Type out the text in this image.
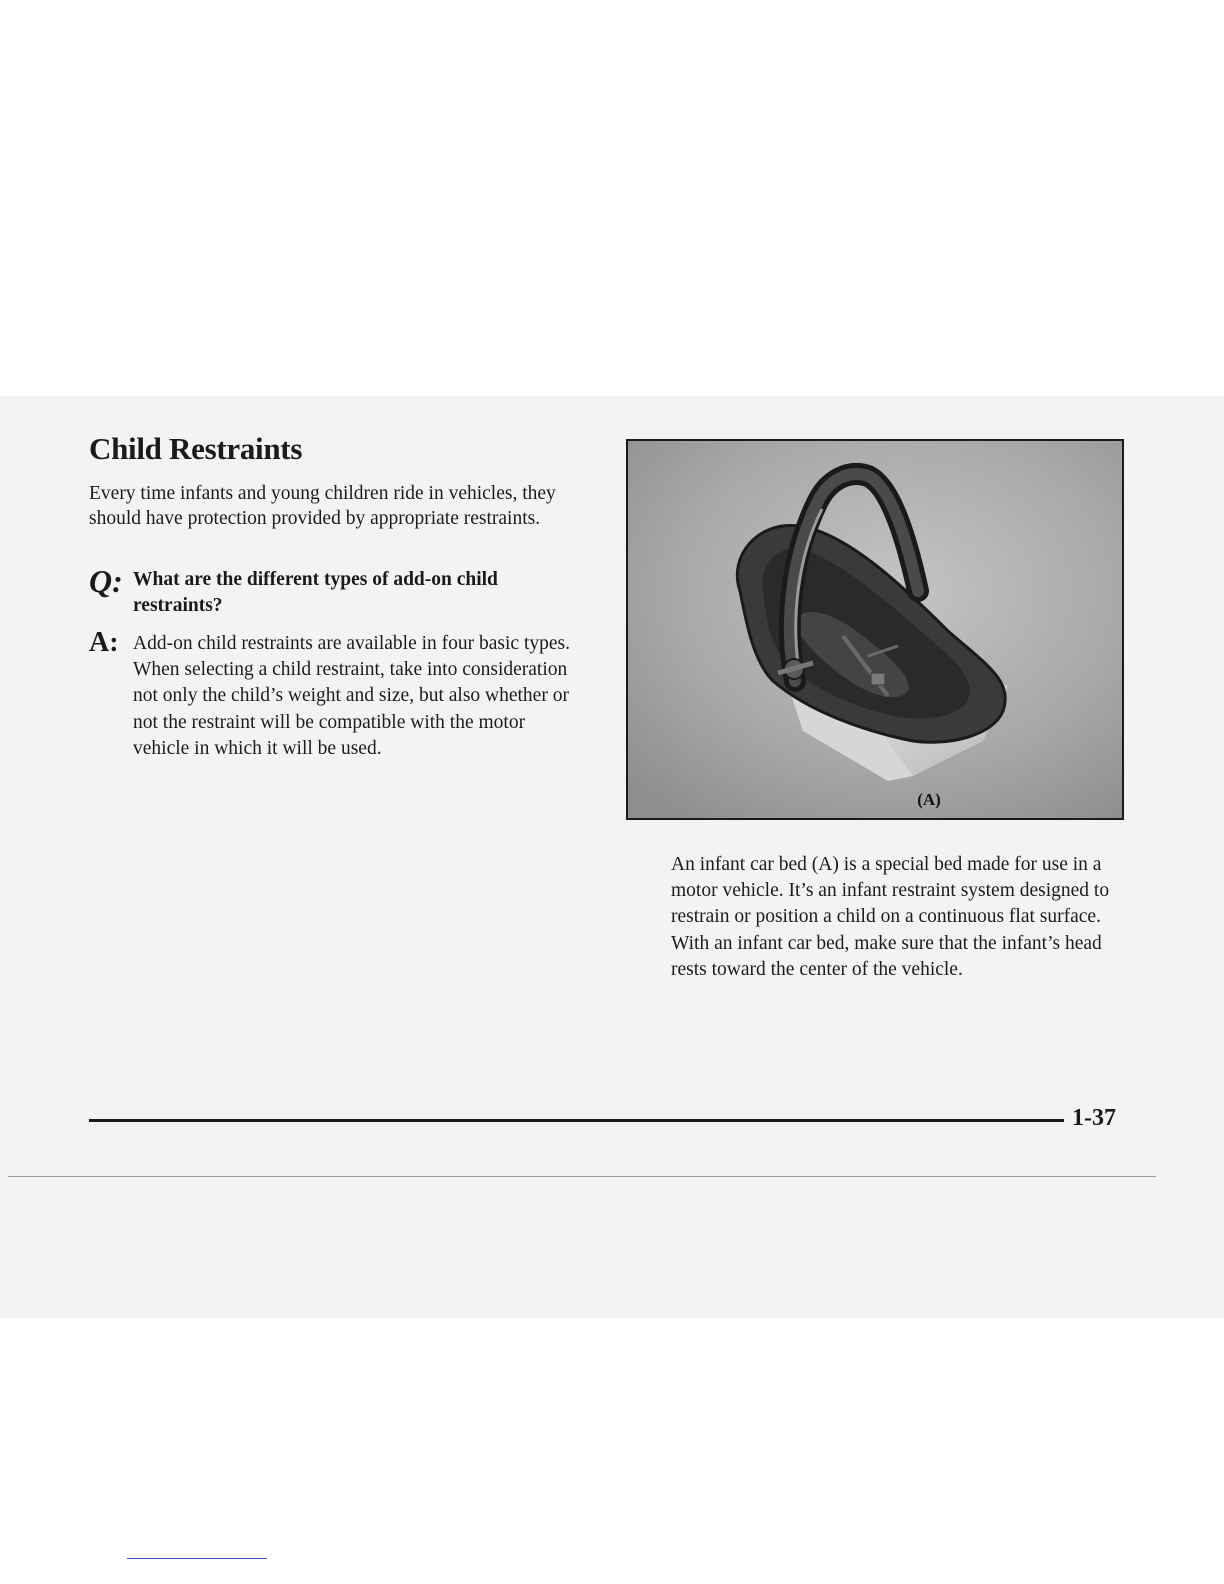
Child Restraints

Every time infants and young children ride in vehicles, they should have protection provided by appropriate restraints.

Q: What are the different types of add-on child restraints?

A: Add-on child restraints are available in four basic types. When selecting a child restraint, take into consideration not only the child’s weight and size, but also whether or not the restraint will be compatible with the motor vehicle in which it will be used.

(A)

An infant car bed (A) is a special bed made for use in a motor vehicle. It’s an infant restraint system designed to restrain or position a child on a continuous flat surface. With an infant car bed, make sure that the infant’s head rests toward the center of the vehicle.

1-37
